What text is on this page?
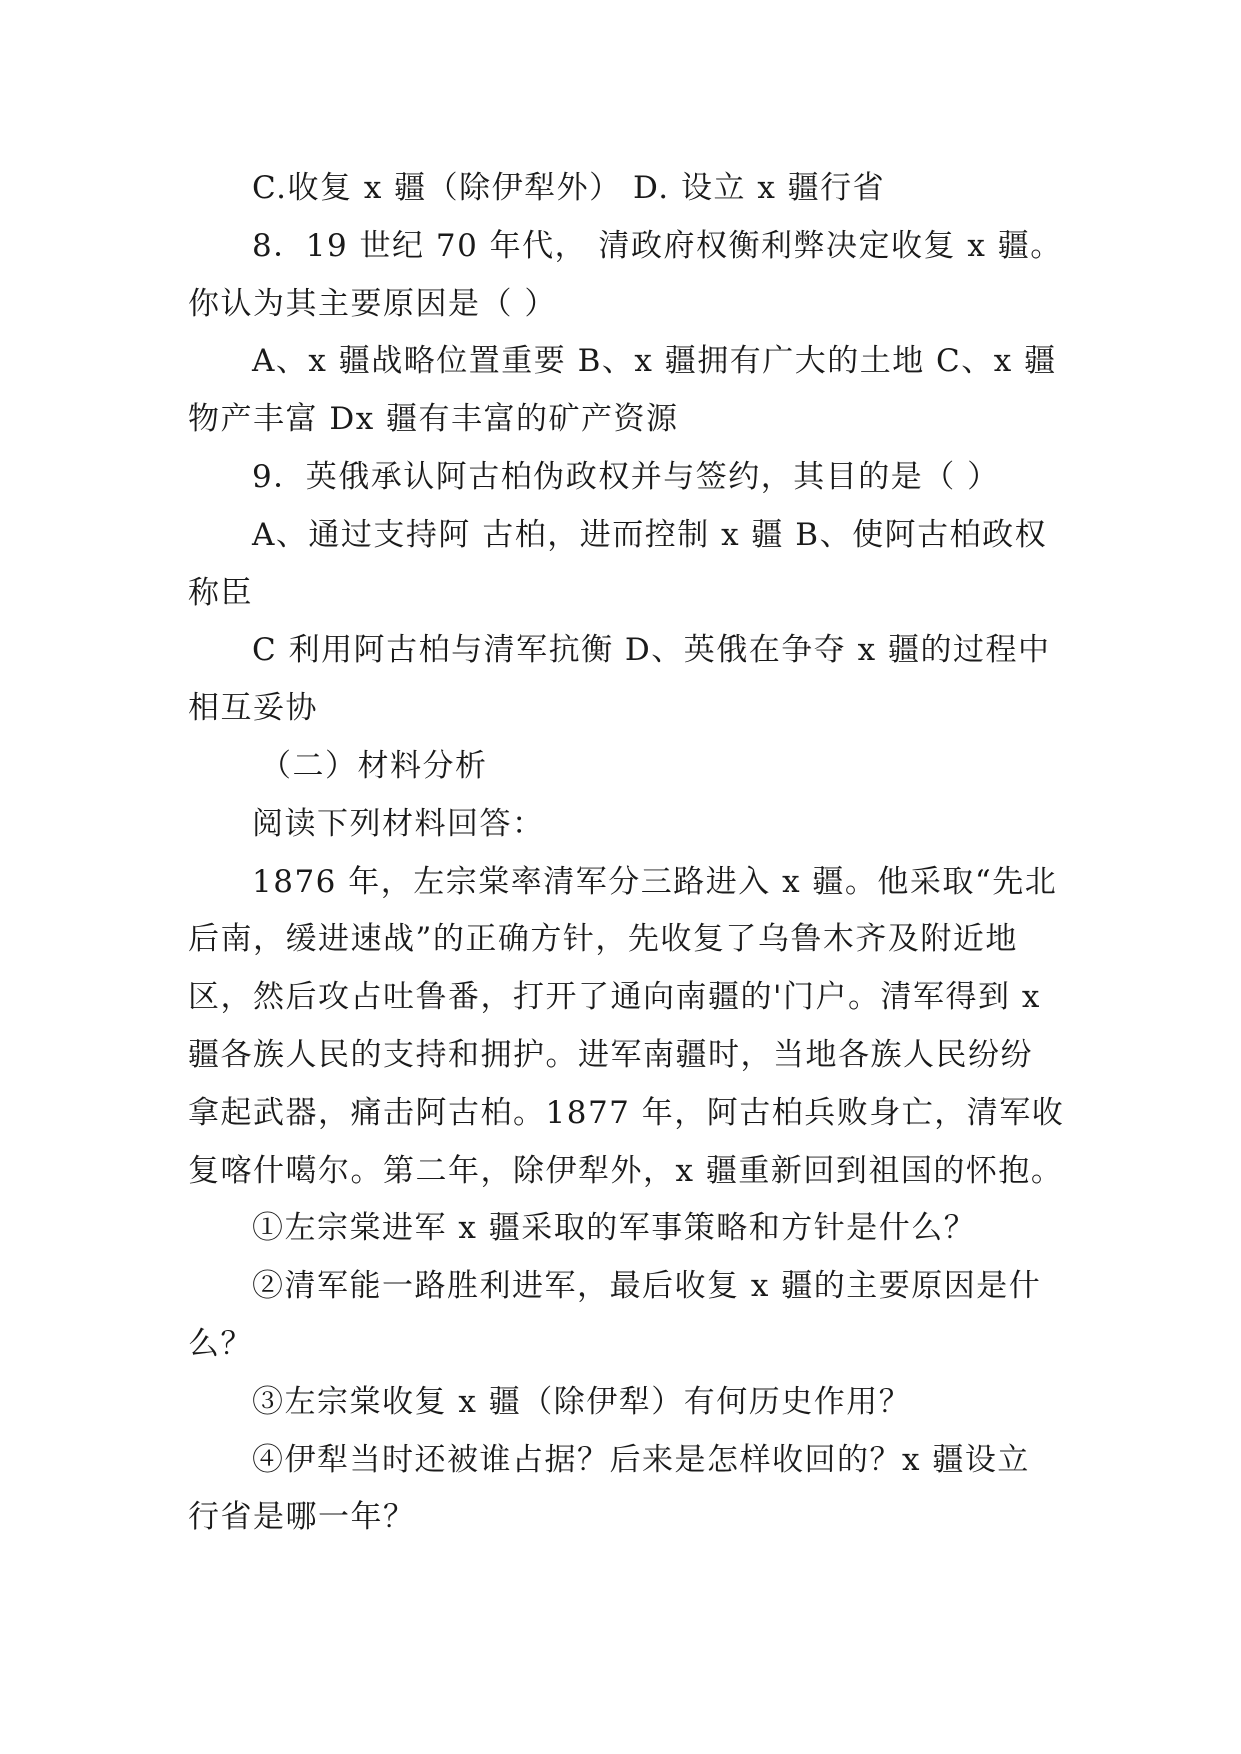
C.收复 x 疆（除伊犁外） D. 设立 x 疆行省
8．19 世纪 70 年代， 清政府权衡利弊决定收复 x 疆。
你认为其主要原因是（ ）
A、x 疆战略位置重要 B、x 疆拥有广大的土地 C、x 疆
物产丰富 Dx 疆有丰富的矿产资源
9．英俄承认阿古柏伪政权并与签约，其目的是（ ）
A、通过支持阿 古柏，进而控制 x 疆 B、使阿古柏政权
称臣
C 利用阿古柏与清军抗衡 D、英俄在争夺 x 疆的过程中
相互妥协
（二）材料分析
阅读下列材料回答：
1876 年，左宗棠率清军分三路进入 x 疆。他采取“先北
后南，缓进速战”的正确方针，先收复了乌鲁木齐及附近地
区，然后攻占吐鲁番，打开了通向南疆的'门户。清军得到 x
疆各族人民的支持和拥护。进军南疆时，当地各族人民纷纷
拿起武器，痛击阿古柏。1877 年，阿古柏兵败身亡，清军收
复喀什噶尔。第二年，除伊犁外，x 疆重新回到祖国的怀抱。
①左宗棠进军 x 疆采取的军事策略和方针是什么？
②清军能一路胜利进军，最后收复 x 疆的主要原因是什
么？
③左宗棠收复 x 疆（除伊犁）有何历史作用？
④伊犁当时还被谁占据？后来是怎样收回的？x 疆设立
行省是哪一年？
